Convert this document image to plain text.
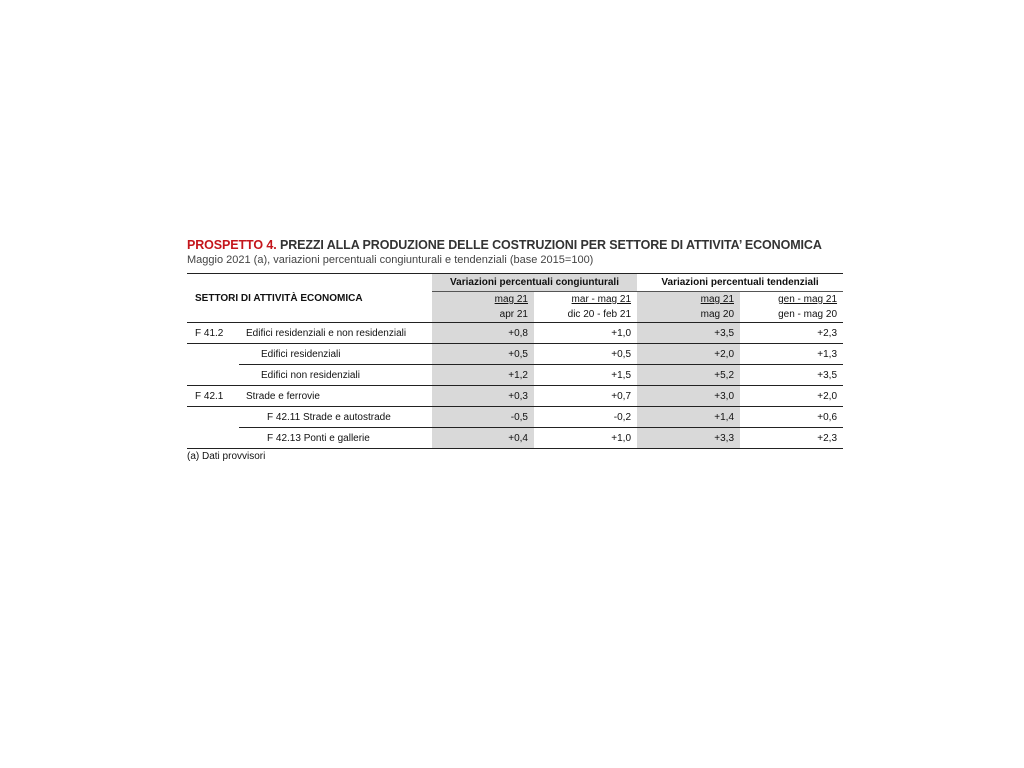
PROSPETTO 4. PREZZI ALLA PRODUZIONE DELLE COSTRUZIONI PER SETTORE DI ATTIVITA’ ECONOMICA
Maggio 2021 (a), variazioni percentuali congiunturali e tendenziali (base 2015=100)
SETTORI DI ATTIVITÀ ECONOMICA		Variazioni percentuali congiunturali		Variazioni percentuali tendenziali	
		mag 21	mar - mag 21	mag 21	gen - mag 21
		apr 21	dic 20 - feb 21	mag 20	gen - mag 20
F 41.2	Edifici residenziali e non residenziali	+0,8	+1,0	+3,5	+2,3
	Edifici residenziali	+0,5	+0,5	+2,0	+1,3
	Edifici non residenziali	+1,2	+1,5	+5,2	+3,5
F 42.1	Strade e ferrovie	+0,3	+0,7	+3,0	+2,0
	F 42.11 Strade e autostrade	-0,5	-0,2	+1,4	+0,6
	F 42.13 Ponti e gallerie	+0,4	+1,0	+3,3	+2,3
(a) Dati provvisori
